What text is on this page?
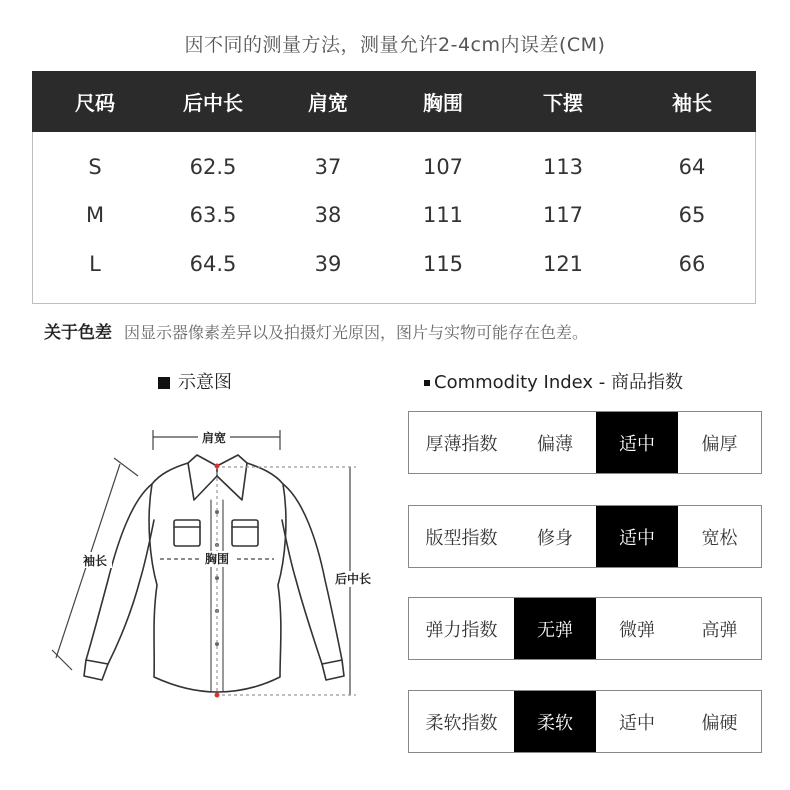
因不同的测量方法，测量允许2-4cm内误差(CM)
尺码	后中长	肩宽	胸围	下摆	袖长
S	62.5	37	107	113	64
M	63.5	38	111	117	65
L	64.5	39	115	121	66
关于色差 因显示器像素差异以及拍摄灯光原因，图片与实物可能存在色差。
示意图	Commodity Index - 商品指数
肩宽
胸围
袖长
后中长
厚薄指数	偏薄	适中	偏厚
版型指数	修身	适中	宽松
弹力指数	无弹	微弹	高弹
柔软指数	柔软	适中	偏硬
